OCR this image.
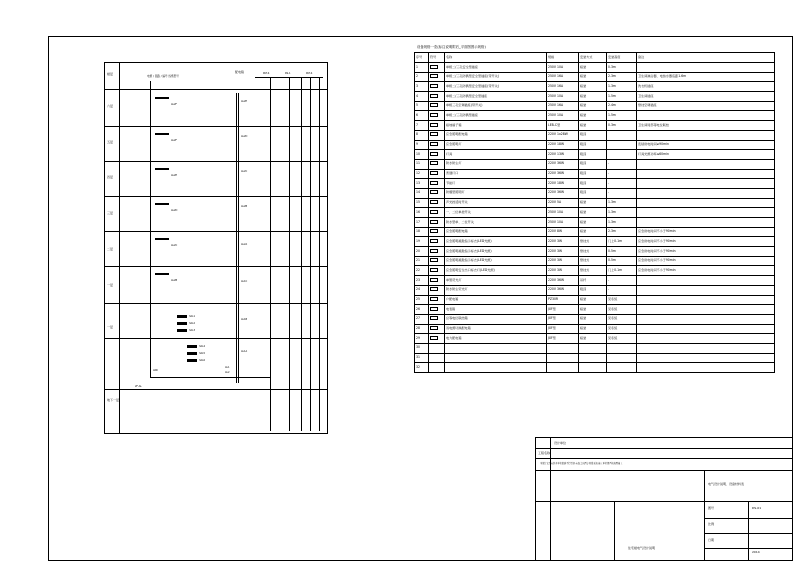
楼层	配电箱
电源 / 回路 / 编号 线缆型号
六层
五层
四层
三层
二层
一层
一层
地下一层
PAT-4	RS-1	PAT-4
AL2F
AL2F
AL2E
AL2D
AL2C
AL2B
AL2E
AL2D
AL2C
AL2B
AL2A
AL1C
AL1B
AL1A
AL1
3AL1
3AL2
3AL3
3AL4
3AL5
3AL6
ANC
2F-AL
AL2
设备规格一览(标注说明附后_平面图图示规格)
序号	符号	名称	规格	安装方式	安装高度	备注
1		单相二/三孔安全型插座	250V 10A	暗装	0.3m	
2		单相二/三孔防溅型安全型插座(带开关)	250V 16A	暗装	2.3m	卫生间淋浴器、电热水器底距1.6m
3		单相二/三孔防溅型安全型插座(带开关)	250V 16A	暗装	1.3m	洗衣机插座
4		单相二/三孔防溅型安全型插座	250V 10A	暗装	1.5m	卫生间插座
5		单相三孔空调插座(带开关)	250V 16A	暗装	2.4m	壁挂空调插座
6		单相二/三孔防溅型插座	250V 10A	暗装	1.5m	
7		接地端子箱	LEB-C型	暗装	0.3m	卫生间局部等电位联结
8		应急照明配电箱	220V 1x28W	吸顶		
9		应急照明灯	220V 18W	吸顶		连续供电时间≥90min
10		灯具	220V 13W	吸顶		灯具光源功率≤60min
11		防水防尘灯	220V 36W	吸顶	-	
12		普通灯口	220V 36W	吸顶	-	
13		节能灯	220V 18W	吸顶	-	
14		防爆型照明灯	220V 36W	吸顶	-	
15		声光控延时开关	220V 5A	暗装	1.3m	
16		一、二位单控开关	250V 10A	暗装	1.3m	
17		防水型单、二位开关	250V 10A	暗装	1.3m	
18		应急照明配电箱	220V 8W	暗装	2.3m	应急供电时间不小于90min
19		应急照明疏散指示标志(LED光源)	220V 3W	壁挂式	门上0.1m	应急供电时间不小于90min
20		应急照明疏散指示标志(LED光源)	220V 3W	壁挂式	0.5m	应急供电时间不小于90min
21		应急照明疏散指示标志(LED光源)	220V 3W	壁挂式	0.5m	应急供电时间不小于90min
22		应急照明安全出口标志灯(LED光源)	220V 3W	壁挂式	门上0.1m	应急供电时间不小于90min
23		单管荧光灯	220V 36W	吊杆	-	
24		防水防尘荧光灯	220V 36W	吸顶	-	
25		户配电箱	PZ30R	暗装	见系统	
26		电表箱	JXF型	暗装	见系统	
27		总等电位联结箱	JXF型	暗装	见系统	
28		双电源切换配电箱	JXF型	暗装	见系统	
29		电力配电箱	JXF型	暗装	见系统	
30						
31						
32						
设计单位
工程名称
本设计文件未经本单位批准不得复制,未加盖出图专用章无效,施工单位须严格按图施工
电气设计说明、设备材料表
住宅楼电气设计说明
图号	DS-01
比例
日期
2014
